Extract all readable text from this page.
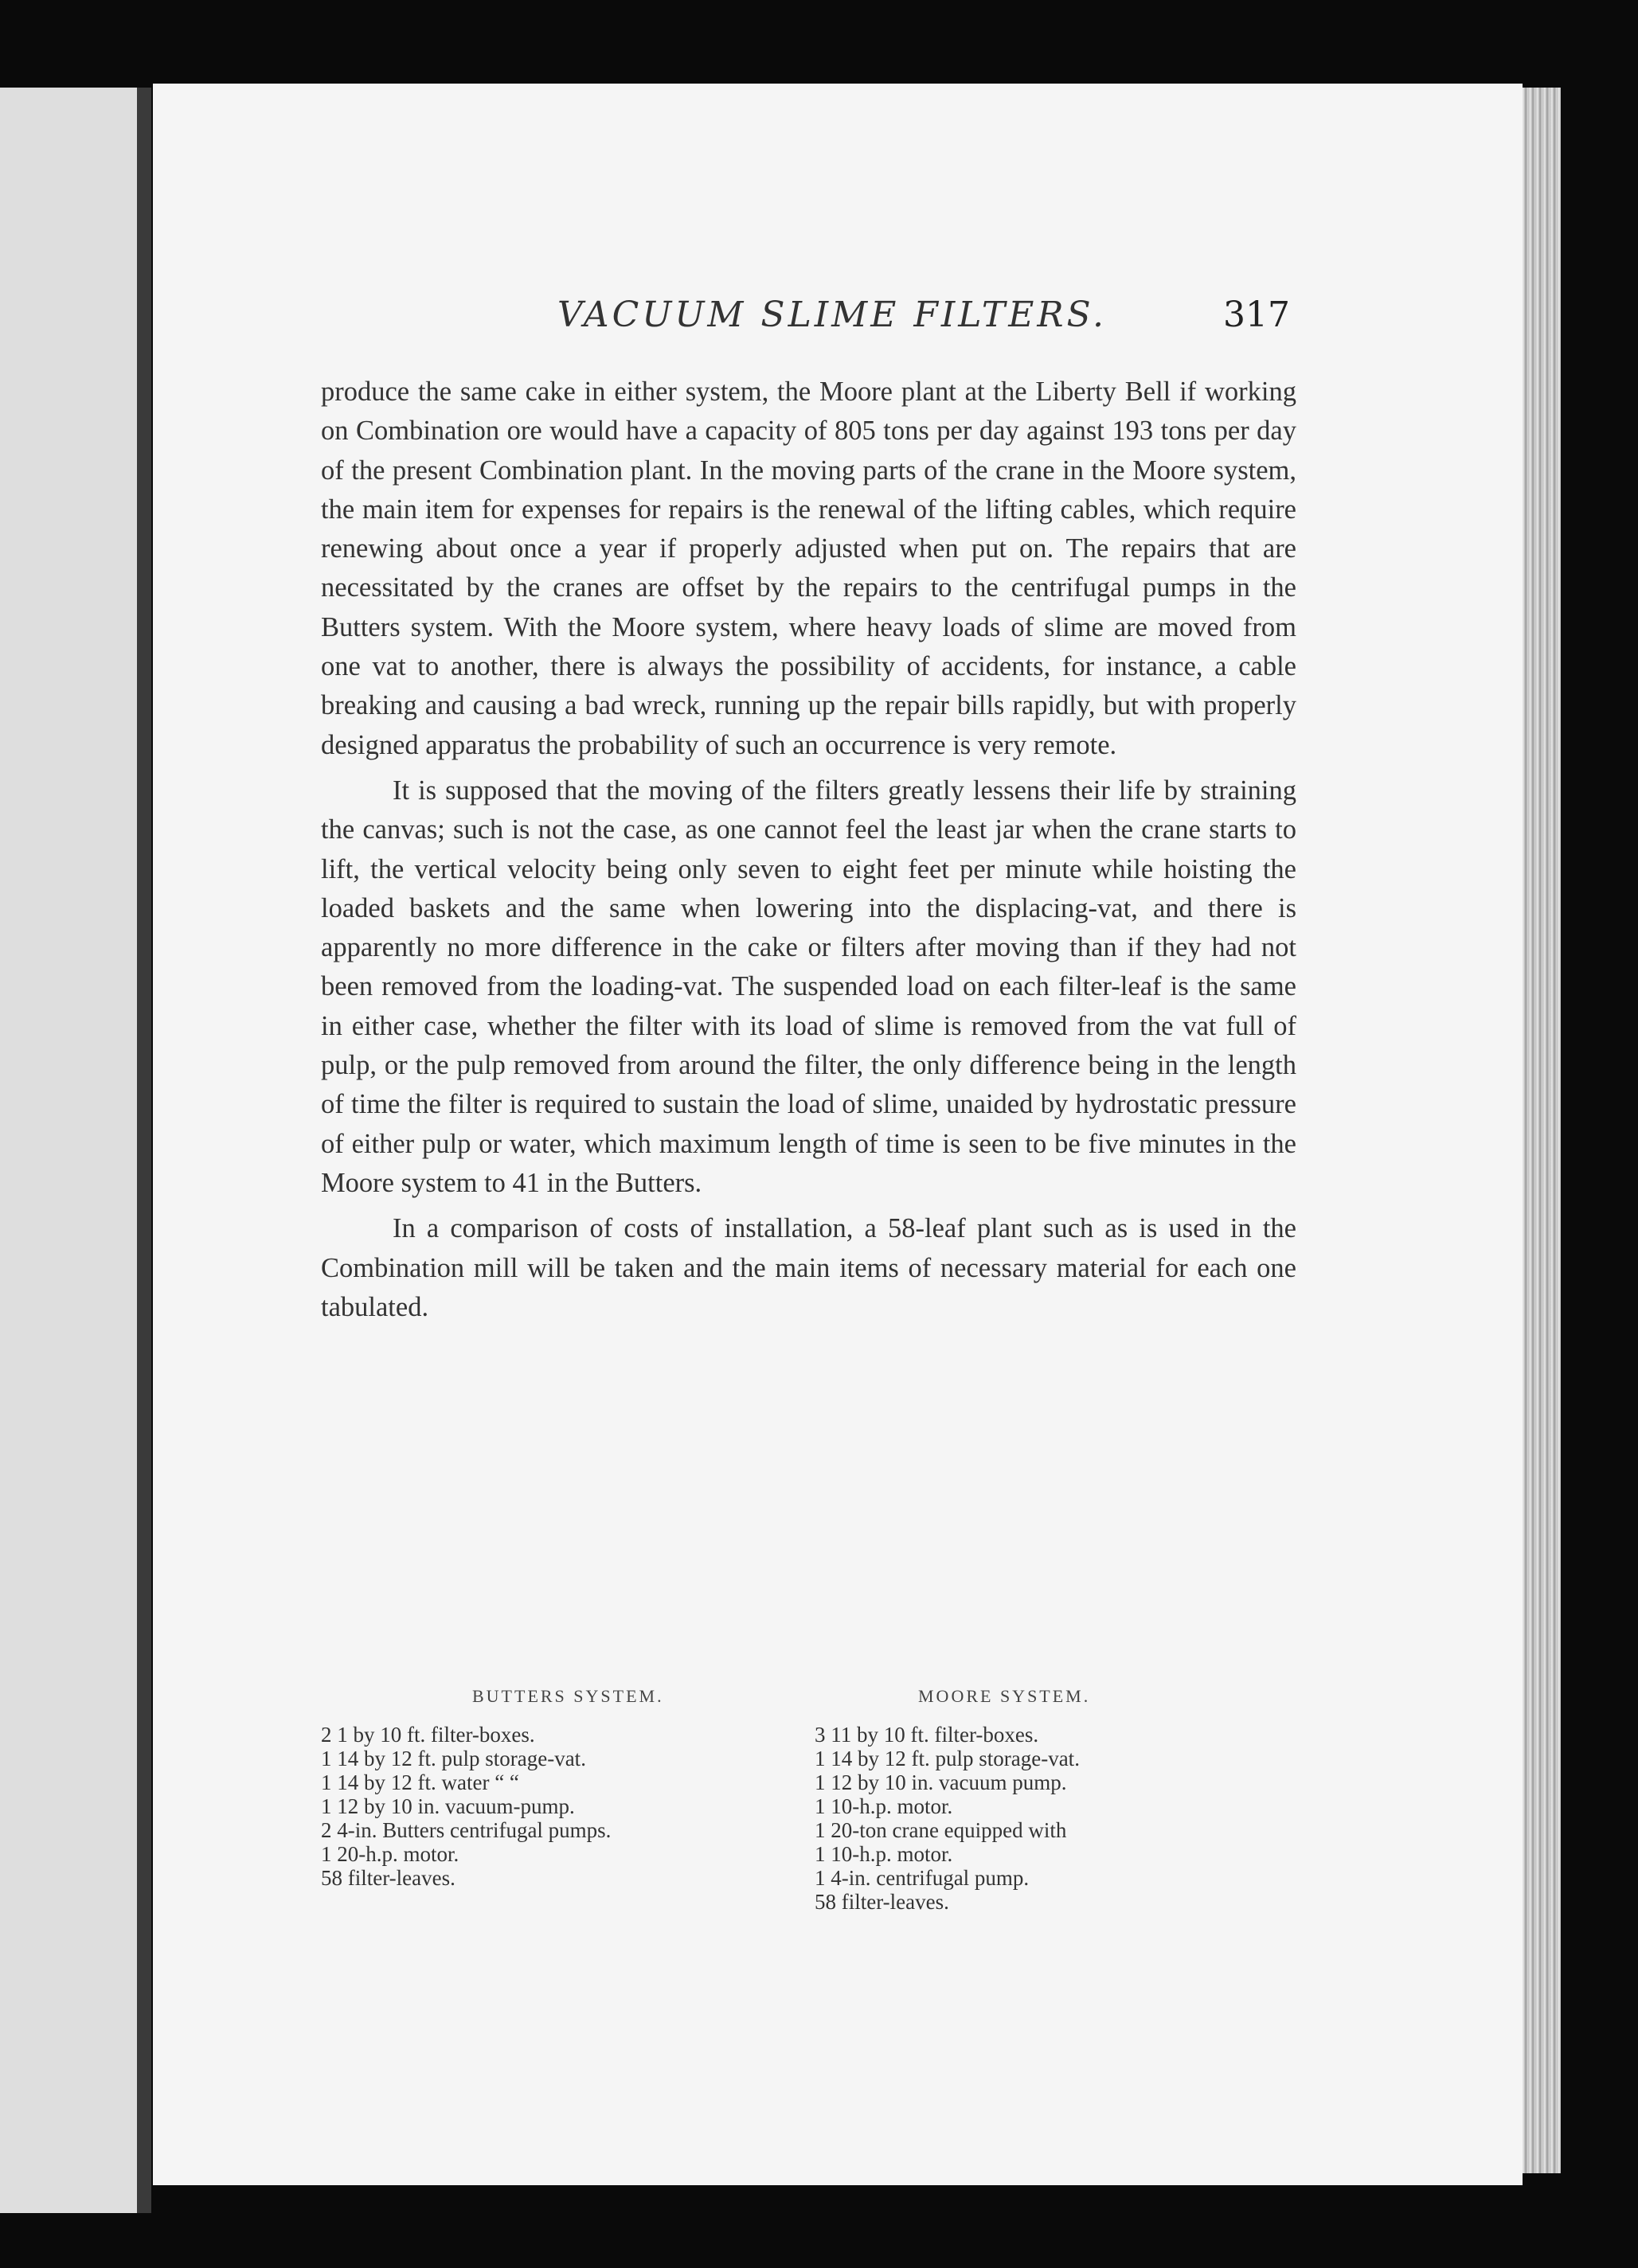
VACUUM SLIME FILTERS.	317

produce the same cake in either system, the Moore plant at the Liberty Bell if working on Combination ore would have a capacity of 805 tons per day against 193 tons per day of the present Combination plant. In the moving parts of the crane in the Moore system, the main item for expenses for repairs is the renewal of the lifting cables, which require renewing about once a year if properly adjusted when put on. The repairs that are necessitated by the cranes are offset by the repairs to the centrifugal pumps in the Butters system. With the Moore system, where heavy loads of slime are moved from one vat to another, there is always the possibility of accidents, for instance, a cable breaking and causing a bad wreck, running up the repair bills rapidly, but with properly designed apparatus the probability of such an occurrence is very remote.

It is supposed that the moving of the filters greatly lessens their life by straining the canvas; such is not the case, as one cannot feel the least jar when the crane starts to lift, the vertical velocity being only seven to eight feet per minute while hoisting the loaded baskets and the same when lowering into the displacing-vat, and there is apparently no more difference in the cake or filters after moving than if they had not been removed from the loading-vat. The suspended load on each filter-leaf is the same in either case, whether the filter with its load of slime is removed from the vat full of pulp, or the pulp removed from around the filter, the only difference being in the length of time the filter is required to sustain the load of slime, unaided by hydrostatic pressure of either pulp or water, which maximum length of time is seen to be five minutes in the Moore system to 41 in the Butters.

In a comparison of costs of installation, a 58-leaf plant such as is used in the Combination mill will be taken and the main items of necessary material for each one tabulated.

BUTTERS SYSTEM.
2 1 by 10 ft. filter-boxes.
1 14 by 12 ft. pulp storage-vat.
1 14 by 12 ft. water “ “
1 12 by 10 in. vacuum-pump.
2 4-in. Butters centrifugal pumps.
1 20-h.p. motor.
58 filter-leaves.
MOORE SYSTEM.
3 11 by 10 ft. filter-boxes.
1 14 by 12 ft. pulp storage-vat.
1 12 by 10 in. vacuum pump.
1 10-h.p. motor.
1 20-ton crane equipped with
1 10-h.p. motor.
1 4-in. centrifugal pump.
58 filter-leaves.
